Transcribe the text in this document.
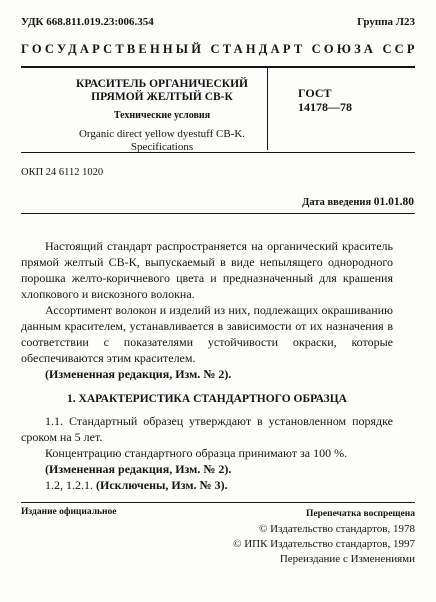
УДК 668.811.019.23:006.354	Группа Л23
ГОСУДАРСТВЕННЫЙ СТАНДАРТ СОЮЗА ССР
КРАСИТЕЛЬ ОРГАНИЧЕСКИЙ
ПРЯМОЙ ЖЕЛТЫЙ СВ-К
Технические условия
Organic direct yellow dyestuff CB-K.
Specifications
ГОСТ
14178—78
ОКП 24 6112 1020
Дата введения 01.01.80

Настоящий стандарт распространяется на органический краситель прямой желтый СВ-К, выпускаемый в виде непылящего однородного порошка желто-коричневого цвета и предназначенный для крашения хлопкового и вискозного волокна.

Ассортимент волокон и изделий из них, подлежащих окрашиванию данным красителем, устанавливается в зависимости от их назначения в соответствии с показателями устойчивости окраски, которые обеспечиваются этим красителем.

(Измененная редакция, Изм. № 2).

1. ХАРАКТЕРИСТИКА СТАНДАРТНОГО ОБРАЗЦА

1.1. Стандартный образец утверждают в установленном порядке сроком на 5 лет.

Концентрацию стандартного образца принимают за 100 %.

(Измененная редакция, Изм. № 2).

1.2, 1.2.1. (Исключены, Изм. № 3).

Издание официальное	Перепечатка воспрещена
© Издательство стандартов, 1978
© ИПК Издательство стандартов, 1997
Переиздание с Изменениями
